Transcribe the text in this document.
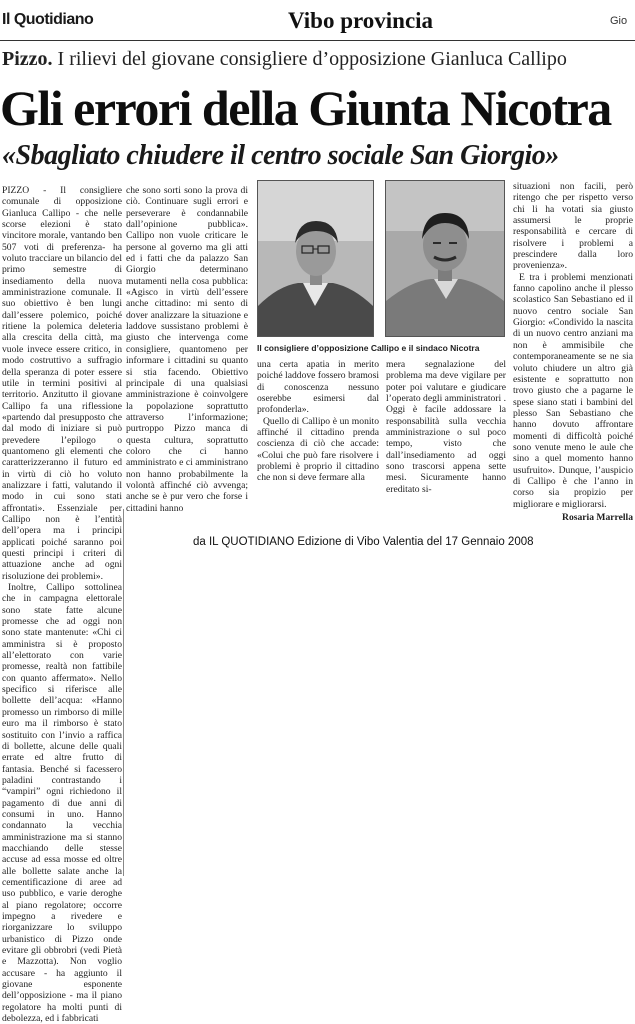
Il Quotidiano	Vibo provincia	Gio
Pizzo. I rilievi del giovane consigliere d’opposizione Gianluca Callipo
Gli errori della Giunta Nicotra
«Sbagliato chiudere il centro sociale San Giorgio»

PIZZO - Il consigliere comunale di opposizione Gianluca Callipo - che nelle scorse elezioni è stato vincitore morale, vantando ben 507 voti di preferenza- ha voluto tracciare un bilancio del primo semestre di insediamento della nuova amministrazione comunale. Il suo obiettivo è ben lungi dall’essere polemico, poiché ritiene la polemica deleteria alla crescita della città, ma vuole invece essere critico, in modo costruttivo a suffragio della speranza di poter essere utile in termini positivi al territorio. Anzitutto il giovane Callipo fa una riflessione «partendo dal presupposto che dal modo di iniziare si può prevedere l’epilogo o quantomeno gli elementi che caratterizzeranno il futuro ed in virtù di ciò ho voluto analizzare i fatti, valutando il modo in cui sono stati affrontati». Essenziale per Callipo non è l’entità dell’opera ma i principi applicati poiché saranno poi questi principi i criteri di attuazione anche ad ogni risoluzione dei problemi».

Inoltre, Callipo sottolinea che in campagna elettorale sono state fatte alcune promesse che ad oggi non sono state mantenute: «Chi ci amministra si è proposto all’elettorato con varie promesse, realtà non fattibile con quanto affermato». Nello specifico si riferisce alle bollette dell’acqua: «Hanno promesso un rimborso di mille euro ma il rimborso è stato sostituito con l’invio a raffica di bollette, alcune delle quali errate ed altre frutto di fantasia. Benché si facessero paladini contrastando i “vampiri” ogni richiedono il pagamento di due anni di consumi in uno. Hanno condannato la vecchia amministrazione ma si stanno macchiando delle stesse accuse ad essa mosse ed oltre alle bollette salate anche la cementificazione di aree ad uso pubblico, e varie deroghe al piano regolatore; occorre impegno a rivedere e riorganizzare lo sviluppo urbanistico di Pizzo onde evitare gli obbrobri (vedi Pietà e Mazzotta). Non voglio accusare - ha aggiunto il giovane esponente dell’opposizione - ma il piano regolatore ha molti punti di debolezza, ed i fabbricati

che sono sorti sono la prova di ciò. Continuare sugli errori e perseverare è condannabile dall’opinione pubblica». Callipo non vuole criticare le persone al governo ma gli atti ed i fatti che da palazzo San Giorgio determinano mutamenti nella cosa pubblica: «Agisco in virtù dell’essere anche cittadino: mi sento di dover analizzare la situazione e laddove sussistano problemi è giusto che intervenga come consigliere, quantomeno per informare i cittadini su quanto si stia facendo. Obiettivo principale di una qualsiasi amministrazione è coinvolgere la popolazione soprattutto attraverso l’informazione; purtroppo Pizzo manca di questa cultura, soprattutto coloro che ci hanno amministrato e ci amministrano non hanno probabilmente la volontà affinché ciò avvenga; anche se è pur vero che forse i cittadini hanno

Il consigliere d’opposizione Callipo e il sindaco Nicotra

una certa apatia in merito poiché laddove fossero bramosi di conoscenza nessuno oserebbe esimersi dal profonderla».

Quello di Callipo è un monito affinché il cittadino prenda coscienza di ciò che accade: «Colui che può fare risolvere i problemi è proprio il cittadino che non si deve fermare alla

mera segnalazione del problema ma deve vigilare per poter poi valutare e giudicare l’operato degli amministratori . Oggi è facile addossare la responsabilità sulla vecchia amministrazione o sul poco tempo, visto che dall’insediamento ad oggi sono trascorsi appena sette mesi. Sicuramente hanno ereditato si-

situazioni non facili, però ritengo che per rispetto verso chi li ha votati sia giusto assumersi le proprie responsabilità e cercare di risolvere i problemi a prescindere dalla loro provenienza».

E tra i problemi menzionati fanno capolino anche il plesso scolastico San Sebastiano ed il nuovo centro sociale San Giorgio: «Condivido la nascita di un nuovo centro anziani ma non è ammisibile che contemporaneamente se ne sia voluto chiudere un altro già esistente e soprattutto non trovo giusto che a pagarne le spese siano stati i bambini del plesso San Sebastiano che hanno dovuto affrontare momenti di difficoltà poiché sono venute meno le aule che sino a quel momento hanno usufruito». Dunque, l’auspicio di Callipo è che l’anno in corso sia propizio per migliorare e migliorarsi.

Rosaria Marrella

da IL QUOTIDIANO Edizione di Vibo Valentia del 17 Gennaio 2008
